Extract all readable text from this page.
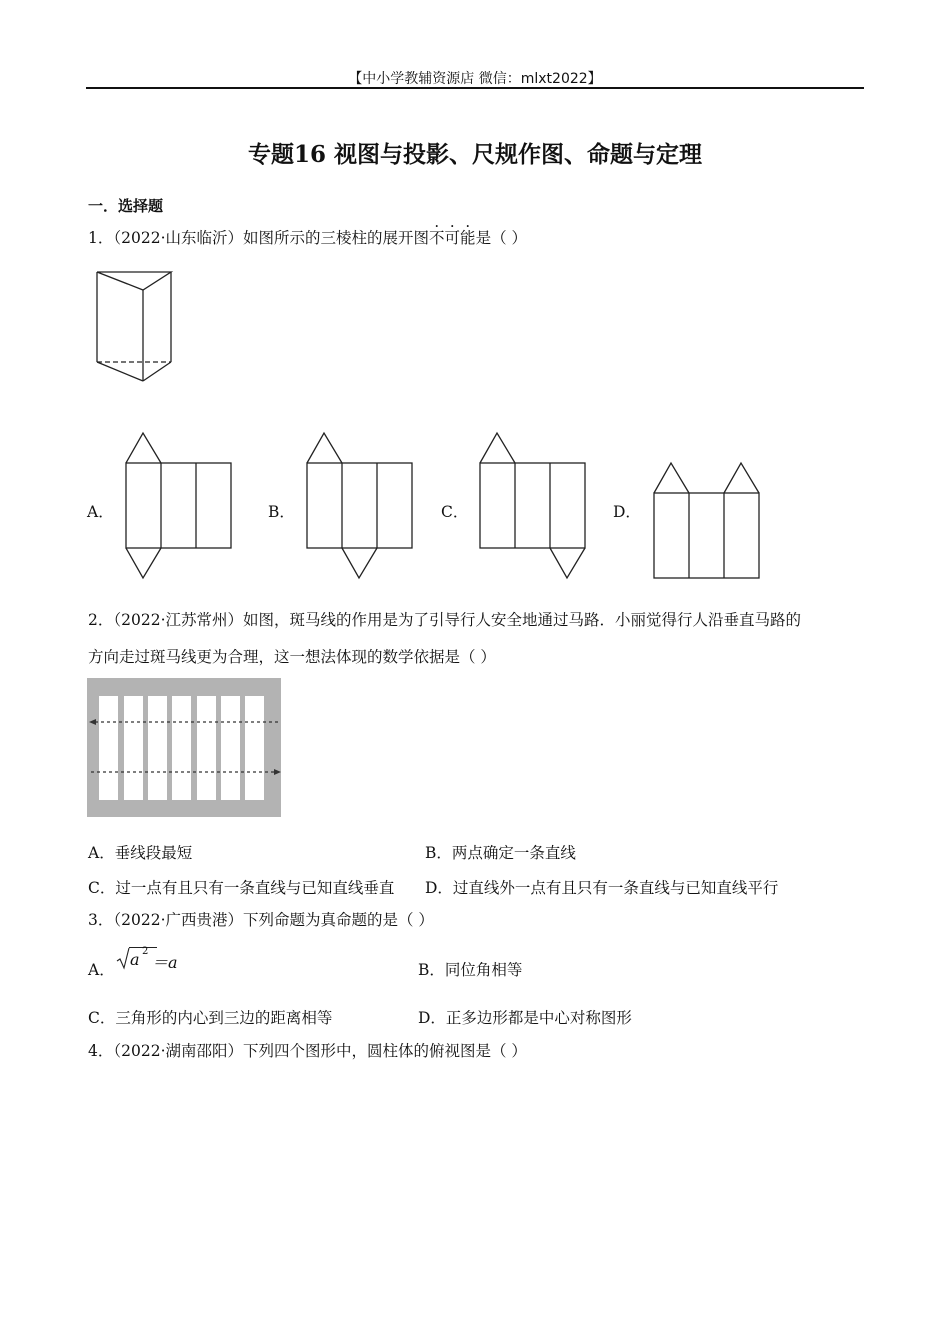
【中小学教辅资源店 微信：mlxt2022】
专题16 视图与投影、尺规作图、命题与定理
一．选择题
1．（2022·山东临沂）如图所示的三棱柱的展开图不可能是（ ）
A．	B．	C．	D．
2．（2022·江苏常州）如图，斑马线的作用是为了引导行人安全地通过马路．小丽觉得行人沿垂直马路的
方向走过斑马线更为合理，这一想法体现的数学依据是（ ）
A．垂线段最短	B．两点确定一条直线
C．过一点有且只有一条直线与已知直线垂直 D．过直线外一点有且只有一条直线与已知直线平行
3．（2022·广西贵港）下列命题为真命题的是（ ）
A．
a 2
＝a	B．同位角相等
C．三角形的内心到三边的距离相等	D．正多边形都是中心对称图形
4．（2022·湖南邵阳）下列四个图形中，圆柱体的俯视图是（ ）
